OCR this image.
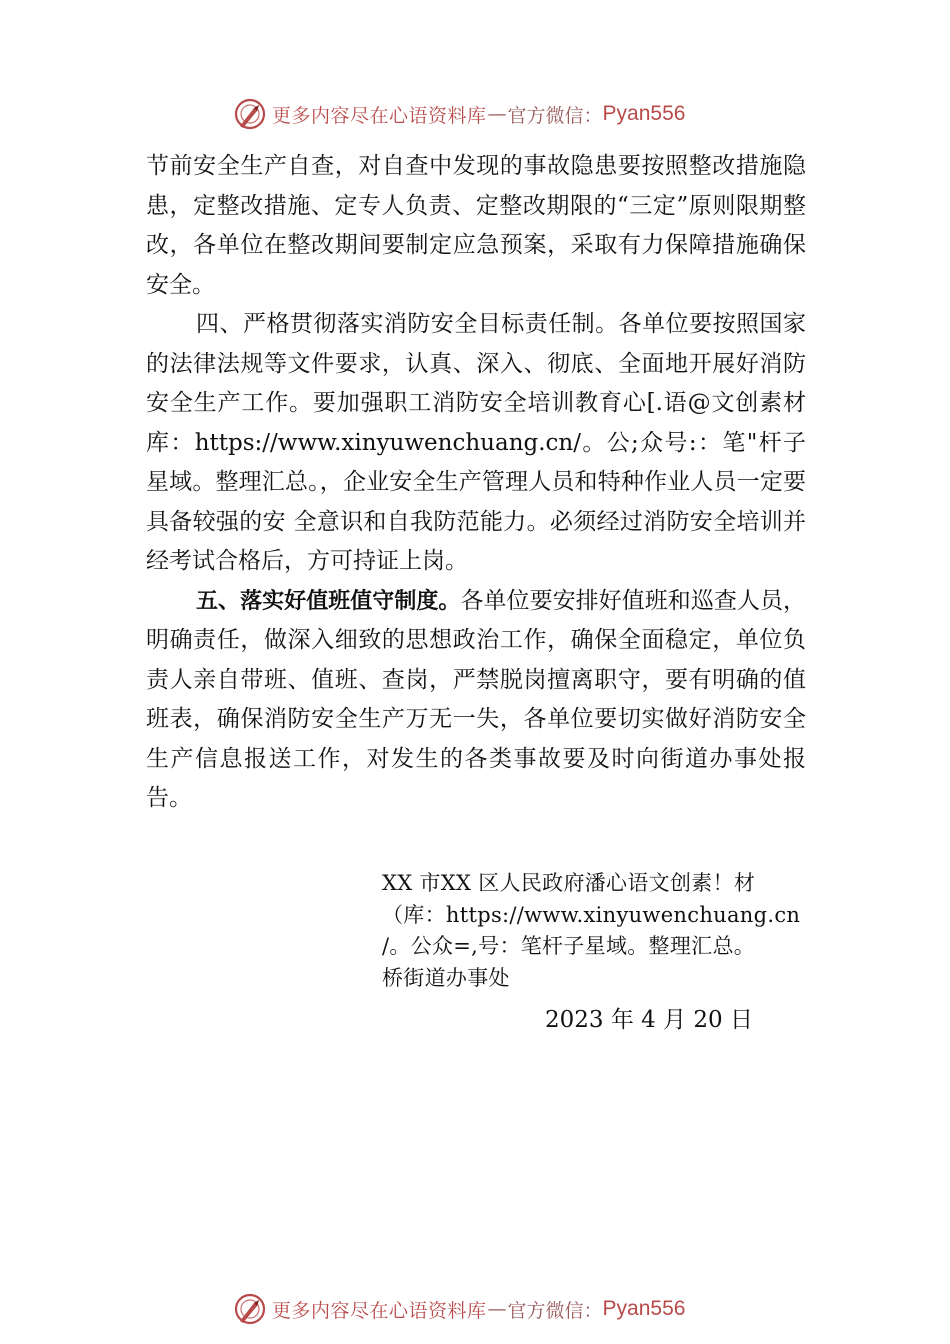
更多内容尽在心语资料库 — 官方微信： Pyan556

节前安全生产自查，对自查中发现的事故隐患要按照整改措施隐患，定整改措施、定专人负责、定整改期限的“三定”原则限期整改，各单位在整改期间要制定应急预案，采取有力保障措施确保安全。

四、严格贯彻落实消防安全目标责任制。各单位要按照国家的法律法规等文件要求，认真、深入、彻底、全面地开展好消防安全生产工作。要加强职工消防安全培训教育心[.语@文创素材库：https://www.xinyuwenchuang.cn/。公;众号:：笔"杆子星域。整理汇总。，企业安全生产管理人员和特种作业人员一定要具备较强的安 全意识和自我防范能力。必须经过消防安全培训并经考试合格后，方可持证上岗。

五、落实好值班值守制度。各单位要安排好值班和巡查人员，明确责任，做深入细致的思想政治工作，确保全面稳定，单位负责人亲自带班、值班、查岗，严禁脱岗擅离职守，要有明确的值班表，确保消防安全生产万无一失，各单位要切实做好消防安全生产信息报送工作，对发生的各类事故要及时向街道办事处报告。

XX 市XX 区人民政府潘心语文创素！材
（库：https://www.xinyuwenchuang.cn
/。公众=,号：笔杆子星域。整理汇总。
桥街道办事处
2023 年 4 月 20 日
更多内容尽在心语资料库 — 官方微信： Pyan556
